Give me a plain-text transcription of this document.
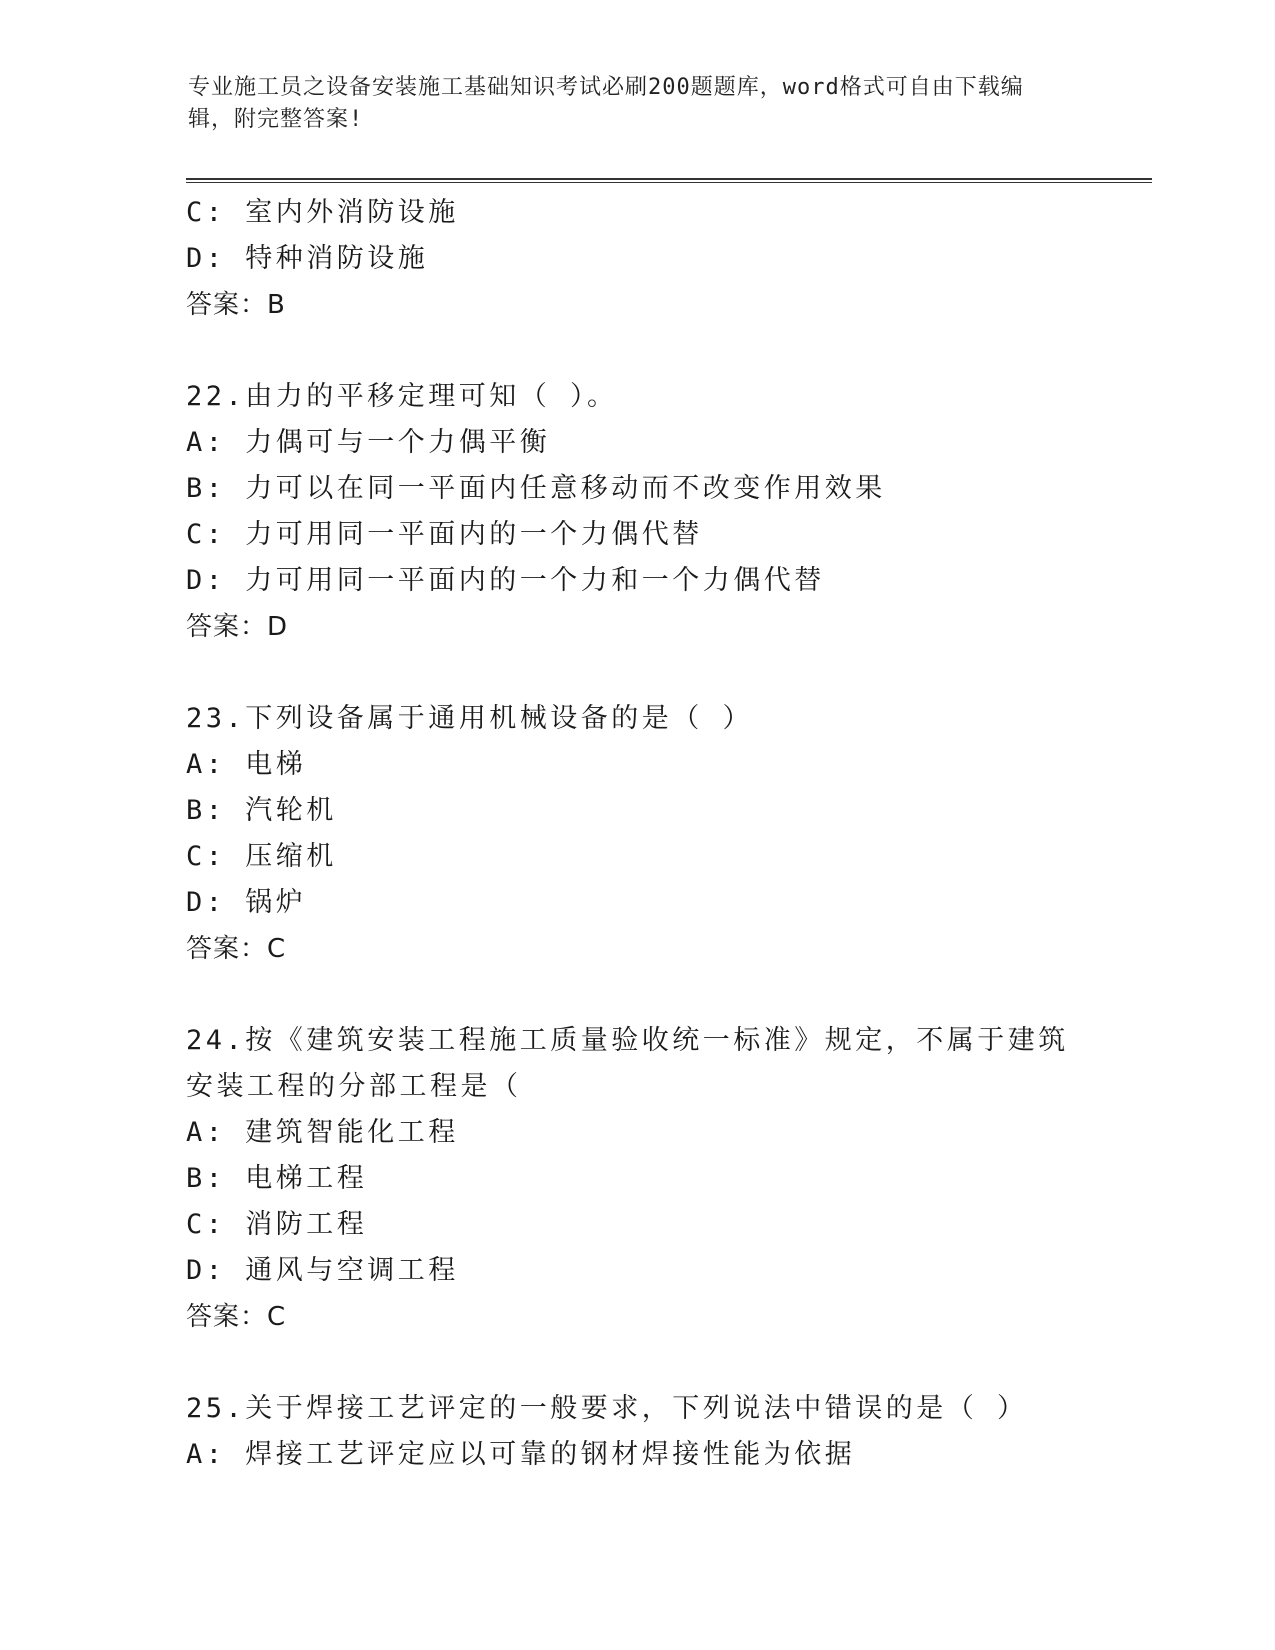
专业施工员之设备安装施工基础知识考试必刷200题题库，word格式可自由下载编辑，附完整答案!
C: 室内外消防设施
D: 特种消防设施
答案：B
22.由力的平移定理可知（ ）。
A: 力偶可与一个力偶平衡
B: 力可以在同一平面内任意移动而不改变作用效果
C: 力可用同一平面内的一个力偶代替
D: 力可用同一平面内的一个力和一个力偶代替
答案：D
23.下列设备属于通用机械设备的是（ ）
A: 电梯
B: 汽轮机
C: 压缩机
D: 锅炉
答案：C
24.按《建筑安装工程施工质量验收统一标准》规定，不属于建筑安装工程的分部工程是（
A: 建筑智能化工程
B: 电梯工程
C: 消防工程
D: 通风与空调工程
答案：C
25.关于焊接工艺评定的一般要求，下列说法中错误的是（ ）
A: 焊接工艺评定应以可靠的钢材焊接性能为依据
